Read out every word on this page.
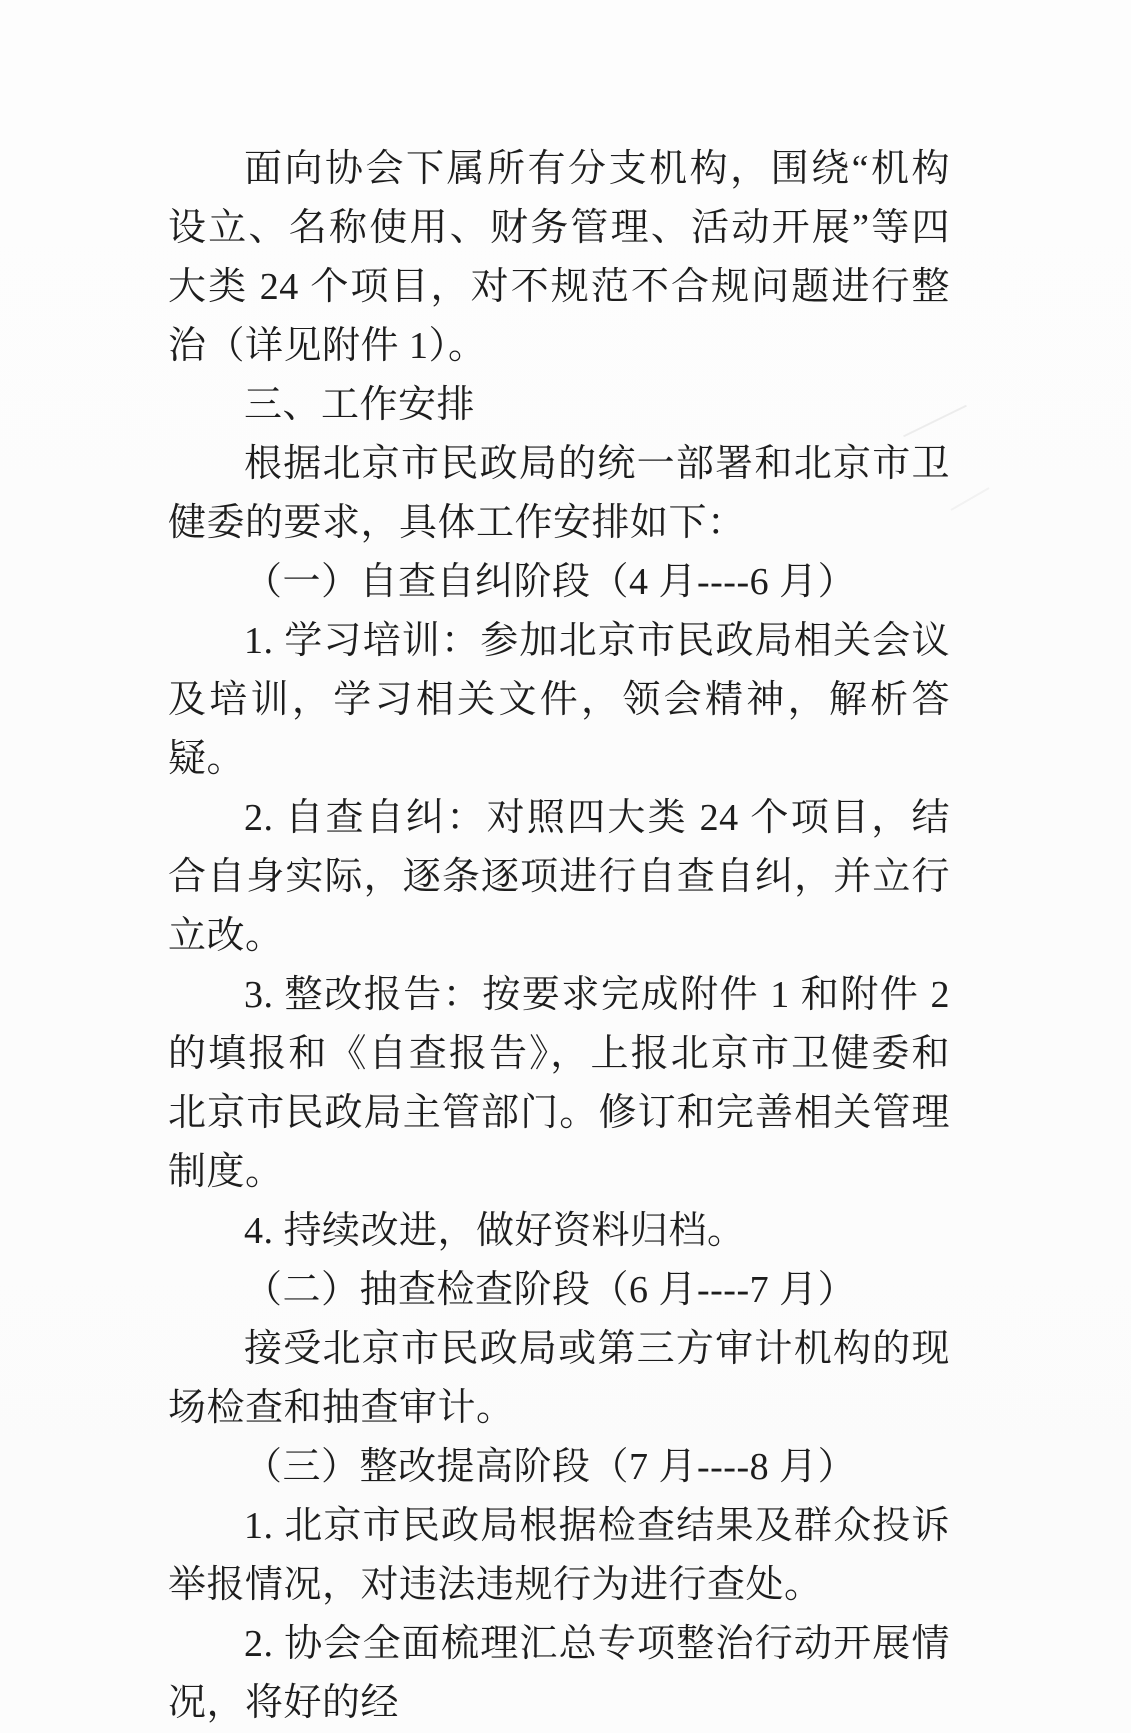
面向协会下属所有分支机构，围绕“机构设立、名称使用、财务管理、活动开展”等四大类 24 个项目，对不规范不合规问题进行整治（详见附件 1）。

三、工作安排

根据北京市民政局的统一部署和北京市卫健委的要求，具体工作安排如下：

（一）自查自纠阶段（4 月----6 月）

1. 学习培训：参加北京市民政局相关会议及培训，学习相关文件，领会精神，解析答疑。

2. 自查自纠：对照四大类 24 个项目，结合自身实际，逐条逐项进行自查自纠，并立行立改。

3. 整改报告：按要求完成附件 1 和附件 2 的填报和《自查报告》，上报北京市卫健委和北京市民政局主管部门。修订和完善相关管理制度。

4. 持续改进，做好资料归档。

（二）抽查检查阶段（6 月----7 月）

接受北京市民政局或第三方审计机构的现场检查和抽查审计。

（三）整改提高阶段（7 月----8 月）

1. 北京市民政局根据检查结果及群众投诉举报情况，对违法违规行为进行查处。

2. 协会全面梳理汇总专项整治行动开展情况，将好的经
